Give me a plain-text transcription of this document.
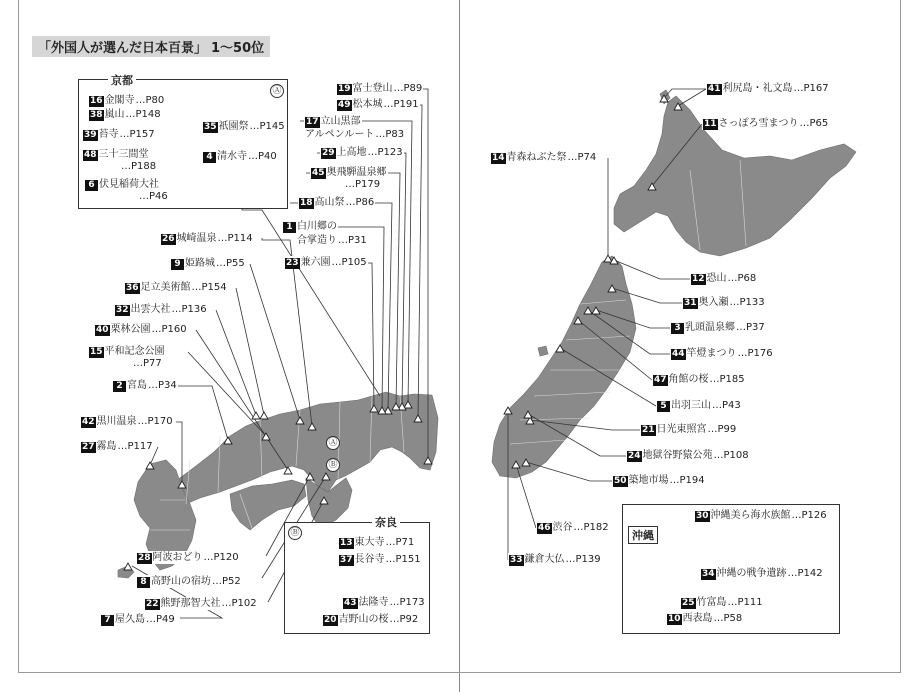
「外国人が選んだ日本百景」 1〜50位
京都
Ⓐ
16 金閣寺…P80
38 嵐山…P148
39 苔寺…P157
48 三十三間堂
…P188
6 伏見稲荷大社
…P46
35 祇園祭…P145
4 清水寺…P40
19 富士登山…P89
49 松本城…P191
17 立山黒部
アルペンルート…P83
29 上高地…P123
45 奥飛騨温泉郷
…P179
18 高山祭…P86
1 白川郷の
合掌造り…P31
23 兼六園…P105
26 城崎温泉…P114
9 姫路城…P55
36 足立美術館…P154
32 出雲大社…P136
40 栗林公園…P160
15 平和記念公園
…P77
2 宮島…P34
42 黒川温泉…P170
27 霧島…P117	Ⓐ
Ⓑ
奈良
Ⓑ
13 東大寺…P71
37 長谷寺…P151
43 法隆寺…P173
20 吉野山の桜…P92
28 阿波おどり…P120
8 高野山の宿坊…P52
22 熊野那智大社…P102
7 屋久島…P49
41 利尻島・礼文島…P167
11 さっぽろ雪まつり…P65
14 青森ねぶた祭…P74
12 恐山…P68
31 奥入瀬…P133
3 乳頭温泉郷…P37
44 竿燈まつり…P176
47 角館の桜…P185
5 出羽三山…P43
21 日光東照宮…P99
24 地獄谷野猿公苑…P108
50 築地市場…P194
46 渋谷…P182
33 鎌倉大仏…P139
沖縄
30 沖縄美ら海水族館…P126
34 沖縄の戦争遺跡…P142
25 竹富島…P111
10 西表島…P58
